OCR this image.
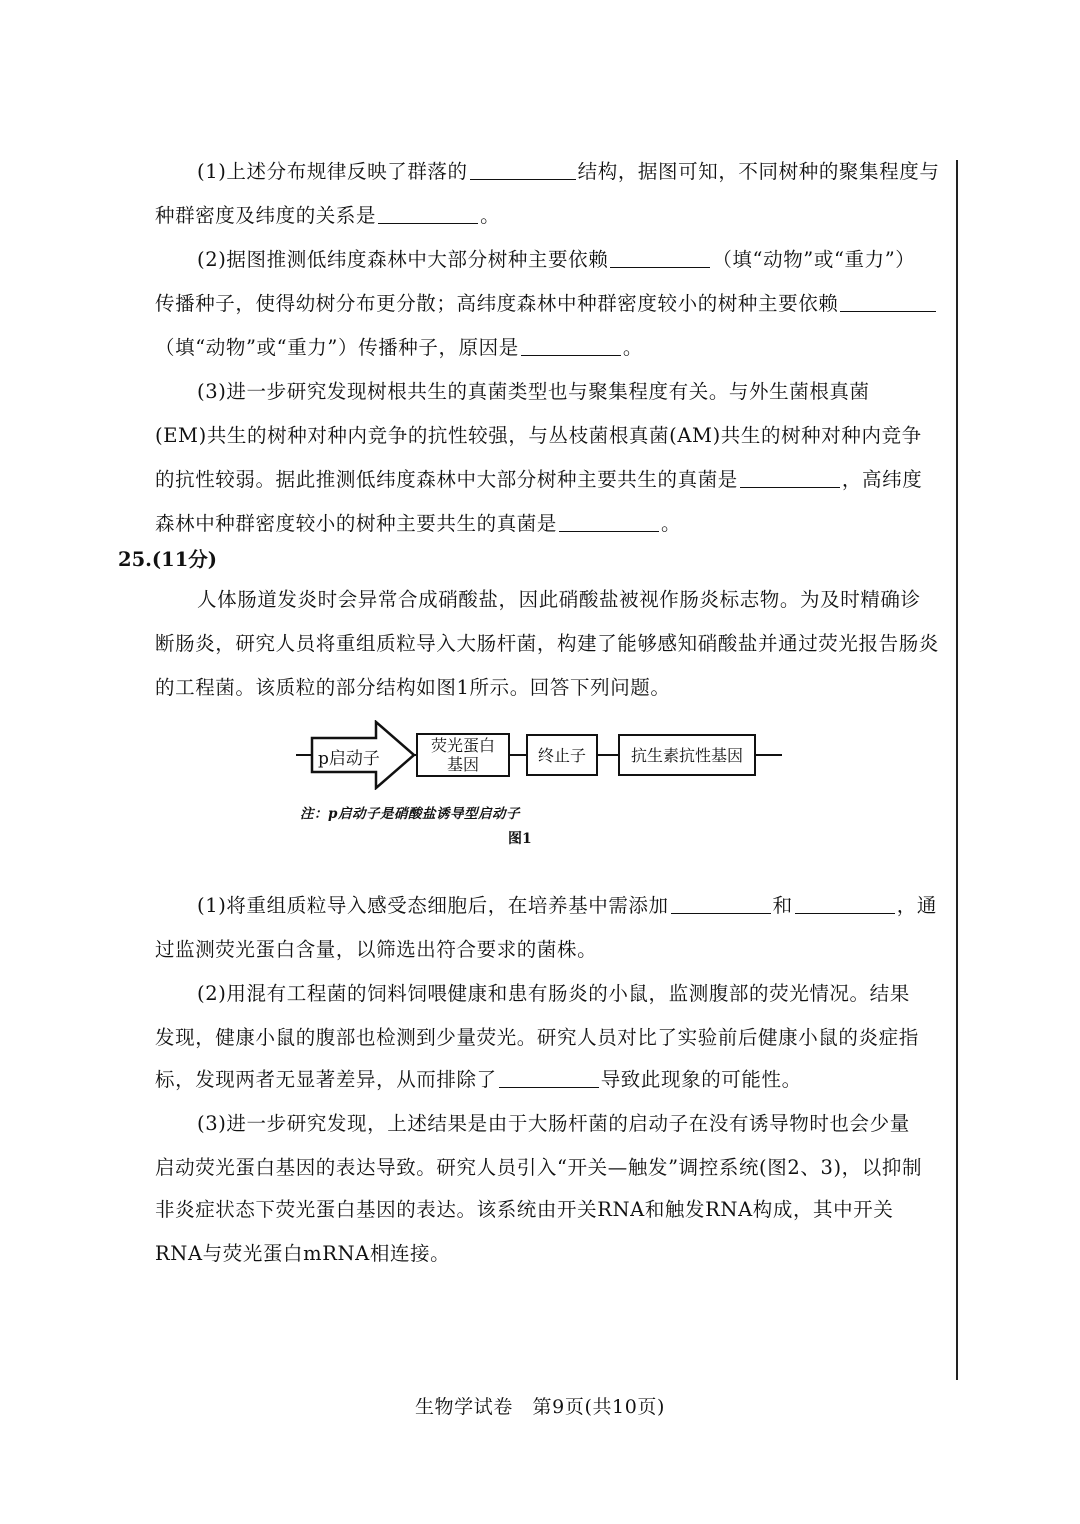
(1)上述分布规律反映了群落的	结构，据图可知，不同树种的聚集程度与
种群密度及纬度的关系是	。
(2)据图推测低纬度森林中大部分树种主要依赖	（填“动物”或“重力”）
传播种子，使得幼树分布更分散；高纬度森林中种群密度较小的树种主要依赖
（填“动物”或“重力”）传播种子，原因是	。
(3)进一步研究发现树根共生的真菌类型也与聚集程度有关。与外生菌根真菌
(EM)共生的树种对种内竞争的抗性较强，与丛枝菌根真菌(AM)共生的树种对种内竞争
的抗性较弱。据此推测低纬度森林中大部分树种主要共生的真菌是	，高纬度
森林中种群密度较小的树种主要共生的真菌是	。
25.(11分)
人体肠道发炎时会异常合成硝酸盐，因此硝酸盐被视作肠炎标志物。为及时精确诊
断肠炎，研究人员将重组质粒导入大肠杆菌，构建了能够感知硝酸盐并通过荧光报告肠炎
的工程菌。该质粒的部分结构如图1所示。回答下列问题。
p启动子
荧光蛋白
基因	终止子	抗生素抗性基因
注：p启动子是硝酸盐诱导型启动子
图1
(1)将重组质粒导入感受态细胞后，在培养基中需添加	和	，通
过监测荧光蛋白含量，以筛选出符合要求的菌株。
(2)用混有工程菌的饲料饲喂健康和患有肠炎的小鼠，监测腹部的荧光情况。结果
发现，健康小鼠的腹部也检测到少量荧光。研究人员对比了实验前后健康小鼠的炎症指
标，发现两者无显著差异，从而排除了	导致此现象的可能性。
(3)进一步研究发现，上述结果是由于大肠杆菌的启动子在没有诱导物时也会少量
启动荧光蛋白基因的表达导致。研究人员引入“开关—触发”调控系统(图2、3)，以抑制
非炎症状态下荧光蛋白基因的表达。该系统由开关RNA和触发RNA构成，其中开关
RNA与荧光蛋白mRNA相连接。
生物学试卷　第9页(共10页)
